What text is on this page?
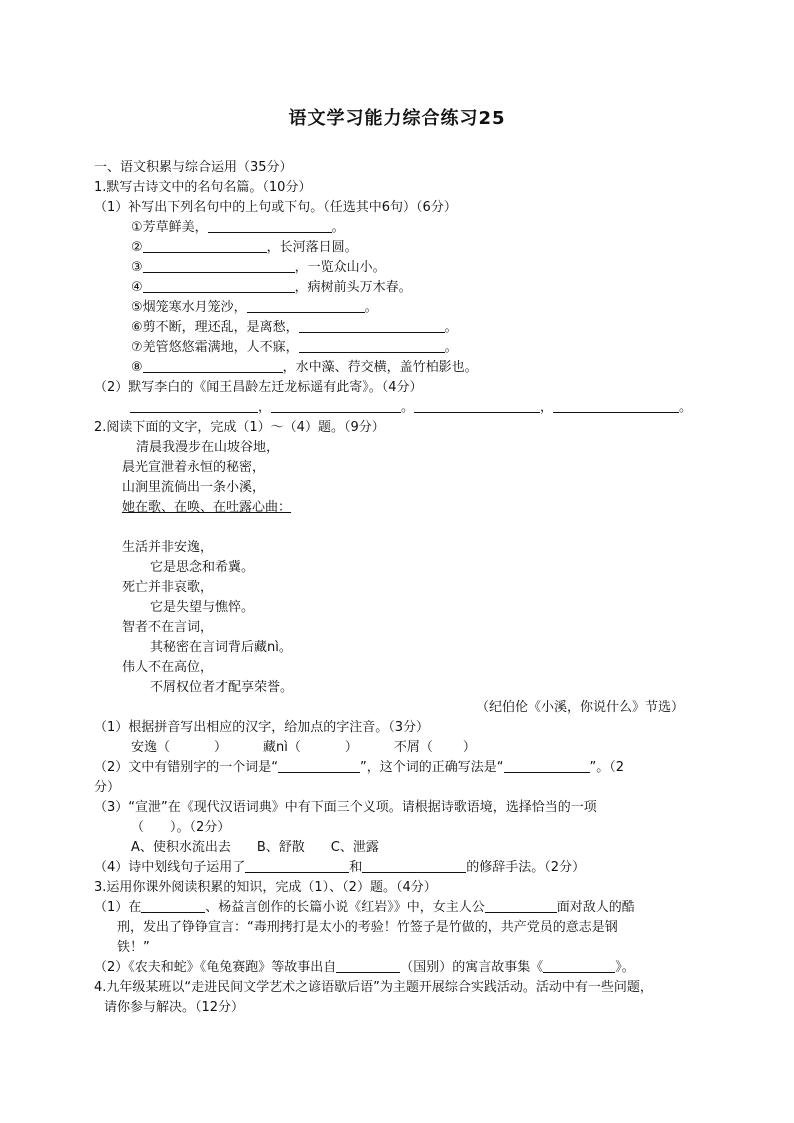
语文学习能力综合练习25
一、语文积累与综合运用（35分）
1.默写古诗文中的名句名篇。（10分）
（1）补写出下列名句中的上句或下句。（任选其中6句）（6分）
①芳草鲜美，	。
②	，长河落日圆。
③	，一览众山小。
④	，病树前头万木春。
⑤烟笼寒水月笼沙，	。
⑥剪不断，理还乱，是离愁，	。
⑦羌管悠悠霜满地，人不寐，	。
⑧	，水中藻、荇交横，盖竹柏影也。
（2）默写李白的《闻王昌龄左迁龙标遥有此寄》。（4分）
，	。	，	。
2.阅读下面的文字，完成（1）～（4）题。（9分）
清晨我漫步在山坡谷地，
晨光宣泄着永恒的秘密，
山涧里流倘出一条小溪，
她在歌、在唤、在吐露心曲：
生活并非安逸，
它是思念和希冀。
死亡并非哀歌，
它是失望与憔悴。
智者不在言词，
其秘密在言词背后藏nì。
伟人不在高位，
不屑权位者才配享荣誉。
（纪伯伦《小溪，你说什么》节选）
（1）根据拼音写出相应的汉字，给加点的字注音。（3分）
安逸（	）	藏nì（	）	不屑（ ）
（2）文中有错别字的一个词是“	”，这个词的正确写法是“	”。（2
分）
（3）“宣泄”在《现代汉语词典》中有下面三个义项。请根据诗歌语境，选择恰当的一项
（　　）。（2分）
A、使积水流出去　　B、舒散　　C、泄露
（4）诗中划线句子运用了	和	的修辞手法。（2分）
3.运用你课外阅读积累的知识，完成（1）、（2）题。（4分）
（1）在	、杨益言创作的长篇小说《红岩》》中，女主人公	面对敌人的酷
刑，发出了铮铮宣言：“毒刑拷打是太小的考验！竹签子是竹做的，共产党员的意志是钢
铁！”
（2）《农夫和蛇》《龟兔赛跑》等故事出自	（国别）的寓言故事集《	》。
4.九年级某班以“走进民间文学艺术之谚语歇后语”为主题开展综合实践活动。活动中有一些问题，
请你参与解决。（12分）
